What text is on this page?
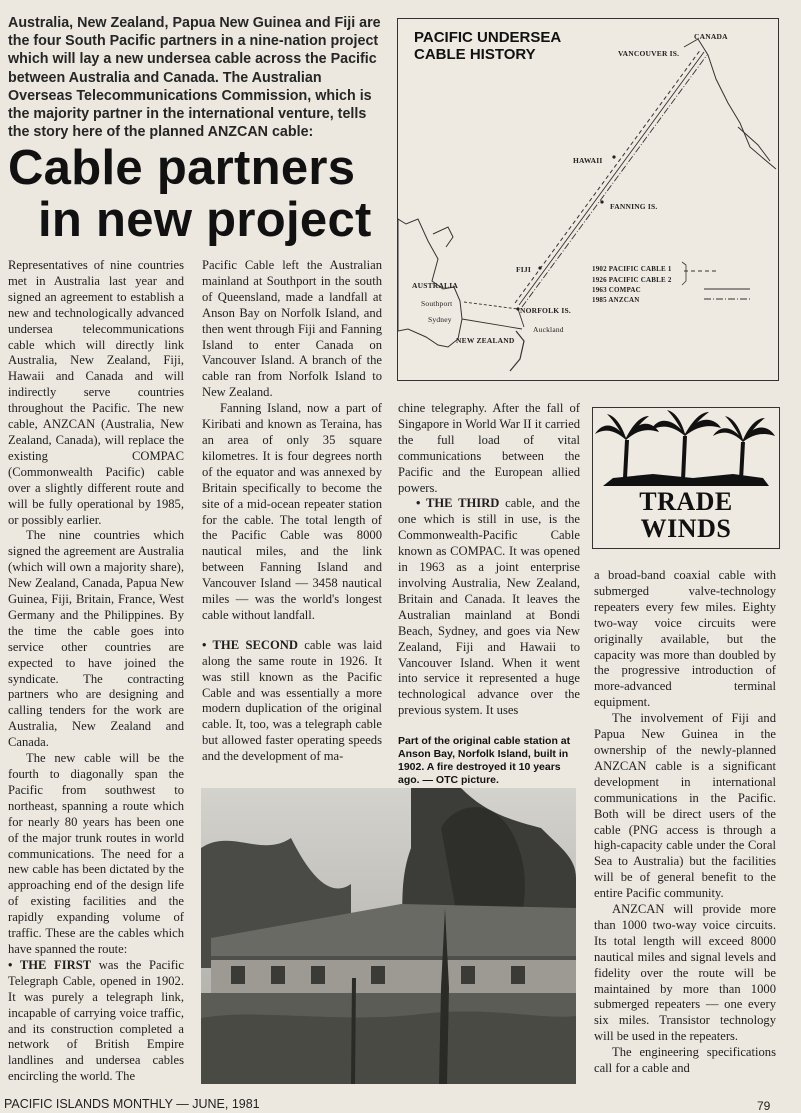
Australia, New Zealand, Papua New Guinea and Fiji are the four South Pacific partners in a nine-nation project which will lay a new undersea cable across the Pacific between Australia and Canada. The Australian Overseas Telecommunications Commission, which is the majority partner in the international venture, tells the story here of the planned ANZCAN cable:
Cable partners
in new project

Representatives of nine countries met in Australia last year and signed an agreement to establish a new and technologically advanced undersea telecommunications cable which will directly link Australia, New Zealand, Fiji, Hawaii and Canada and will indirectly serve countries throughout the Pacific. The new cable, ANZCAN (Australia, New Zealand, Canada), will replace the existing COMPAC (Commonwealth Pacific) cable over a slightly different route and will be fully operational by 1985, or possibly earlier.

The nine countries which signed the agreement are Australia (which will own a majority share), New Zealand, Canada, Papua New Guinea, Fiji, Britain, France, West Germany and the Philippines. By the time the cable goes into service other countries are expected to have joined the syndicate. The contracting partners who are designing and calling tenders for the work are Australia, New Zealand and Canada.

The new cable will be the fourth to diagonally span the Pacific from southwest to northeast, spanning a route which for nearly 80 years has been one of the major trunk routes in world communications. The need for a new cable has been dictated by the approaching end of the design life of existing facilities and the rapidly expanding volume of traffic. These are the cables which have spanned the route:

• THE FIRST was the Pacific Telegraph Cable, opened in 1902. It was purely a telegraph link, incapable of carrying voice traffic, and its construction completed a network of British Empire landlines and undersea cables encircling the world. The

Pacific Cable left the Australian mainland at Southport in the south of Queensland, made a landfall at Anson Bay on Norfolk Island, and then went through Fiji and Fanning Island to enter Canada on Vancouver Island. A branch of the cable ran from Norfolk Island to New Zealand.

Fanning Island, now a part of Kiribati and known as Teraina, has an area of only 35 square kilometres. It is four degrees north of the equator and was annexed by Britain specifically to become the site of a mid-ocean repeater station for the cable. The total length of the Pacific Cable was 8000 nautical miles, and the link between Fanning Island and Vancouver Island — 3458 nautical miles — was the world's longest cable without landfall.

• THE SECOND cable was laid along the same route in 1926. It was still known as the Pacific Cable and was essentially a more modern duplication of the original cable. It, too, was a telegraph cable but allowed faster operating speeds and the development of ma-

chine telegraphy. After the fall of Singapore in World War II it carried the full load of vital communications between the Pacific and the European allied powers.

• THE THIRD cable, and the one which is still in use, is the Commonwealth-Pacific Cable known as COMPAC. It was opened in 1963 as a joint enterprise involving Australia, New Zealand, Britain and Canada. It leaves the Australian mainland at Bondi Beach, Sydney, and goes via New Zealand, Fiji and Hawaii to Vancouver Island. When it went into service it represented a huge technological advance over the previous system. It uses

Part of the original cable station at Anson Bay, Norfolk Island, built in 1902. A fire destroyed it 10 years ago. — OTC picture.

a broad-band coaxial cable with submerged valve-technology repeaters every few miles. Eighty two-way voice circuits were originally available, but the capacity was more than doubled by the progressive introduction of more-advanced terminal equipment.

The involvement of Fiji and Papua New Guinea in the ownership of the newly-planned ANZCAN cable is a significant development in international communications in the Pacific. Both will be direct users of the cable (PNG access is through a high-capacity cable under the Coral Sea to Australia) but the facilities will be of general benefit to the entire Pacific community.

ANZCAN will provide more than 1000 two-way voice circuits. Its total length will exceed 8000 nautical miles and signal levels and fidelity over the route will be maintained by more than 1000 submerged repeaters — one every six miles. Transistor technology will be used in the repeaters.

The engineering specifications call for a cable and

PACIFIC UNDERSEA
CABLE HISTORY
CANADA
VANCOUVER IS.
HAWAII
FANNING IS.
FIJI
AUSTRALIA
Southport
Sydney
NORFOLK IS.
Auckland
NEW ZEALAND
1902 PACIFIC CABLE 1
1926 PACIFIC CABLE 2
1963 COMPAC
1985 ANZCAN
TRADE
WINDS
PACIFIC ISLANDS MONTHLY — JUNE, 1981	79
